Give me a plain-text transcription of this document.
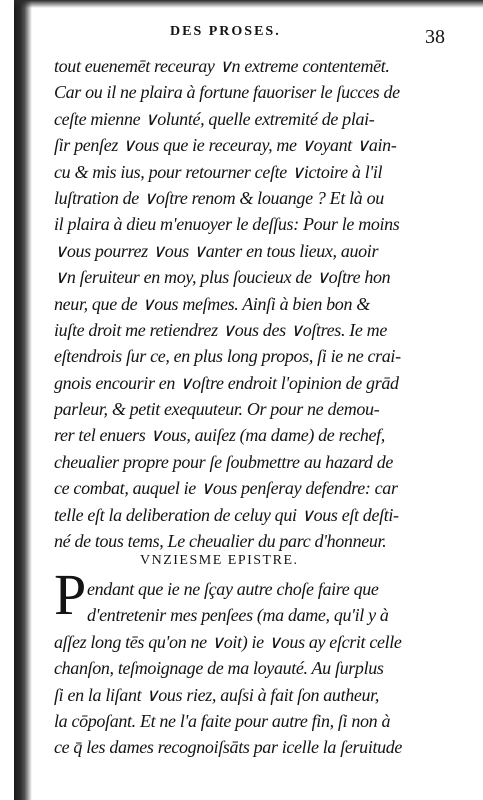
DES PROSES.	38
tout euenemēt receuray ∨n extreme contentemēt.
Car ou il ne plaira à fortune fauoriser le ſucces de
ceſte mienne ∨olunté, quelle extremité de plai-
ſir penſez ∨ous que ie receuray, me ∨oyant ∨ain-
cu & mis ius, pour retourner ceſte ∨ictoire à l'il
luſtration de ∨oſtre renom & louange ? Et là ou
il plaira à dieu m'enuoyer le deſſus: Pour le moins
∨ous pourrez ∨ous ∨anter en tous lieux, auoir
∨n ſeruiteur en moy, plus ſoucieux de ∨oſtre hon
neur, que de ∨ous meſmes. Ainſi à bien bon &
iuſte droit me retiendrez ∨ous des ∨oſtres. Ie me
eſtendrois ſur ce, en plus long propos, ſi ie ne crai-
gnois encourir en ∨oſtre endroit l'opinion de grād
parleur, & petit exequuteur. Or pour ne demou-
rer tel enuers ∨ous, auiſez (ma dame) de rechef,
cheualier propre pour ſe ſoubmettre au hazard de
ce combat, auquel ie ∨ous penſeray defendre: car
telle eſt la deliberation de celuy qui ∨ous eſt deſti-
né de tous tems, Le cheualier du parc d'honneur.
VNZIESME EPISTRE.
P endant que ie ne ſçay autre choſe faire que
d'entretenir mes penſees (ma dame, qu'il y à
aſſez long tēs qu'on ne ∨oit) ie ∨ous ay eſcrit celle
chanſon, teſmoignage de ma loyauté. Au ſurplus
ſi en la liſant ∨ous riez, auſsi à fait ſon autheur,
la cōpoſant. Et ne l'a faite pour autre fin, ſi non à
ce q̄ les dames recognoiſsāts par icelle la ſeruitude
